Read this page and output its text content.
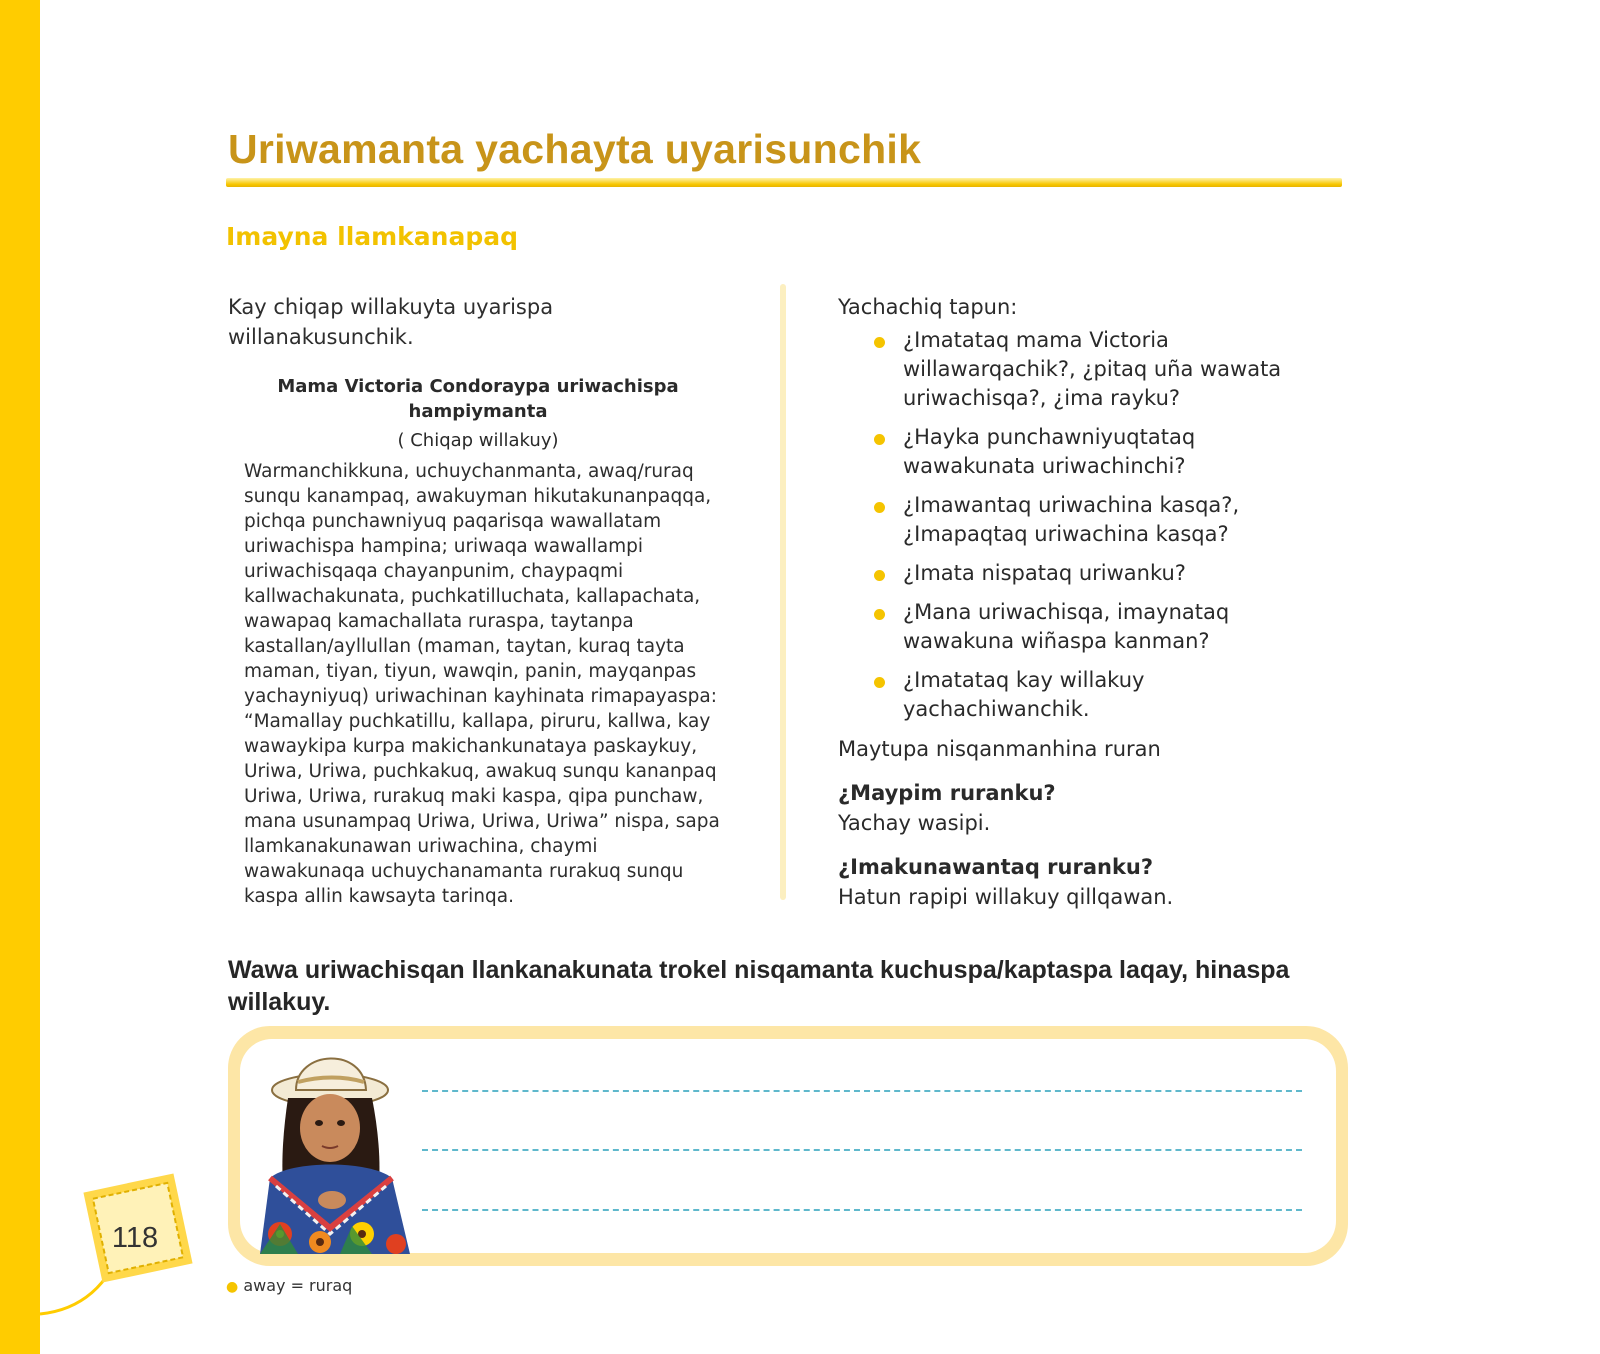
Uriwamanta yachayta uyarisunchik
Imayna llamkanapaq

Kay chiqap willakuyta uyarispa willanakusunchik.

Mama Victoria Condoraypa uriwachispa hampiymanta

( Chiqap willakuy)

Warmanchikkuna, uchuychanmanta, awaq/ruraq sunqu kanampaq, awakuyman hikutakunanpaqqa, pichqa punchawniyuq paqarisqa wawallatam uriwachispa hampina; uriwaqa wawallampi uriwachisqaqa chayanpunim, chaypaqmi kallwachakunata, puchkatilluchata, kallapachata, wawapaq kamachallata ruraspa, taytanpa kastallan/ayllullan (maman, taytan, kuraq tayta maman, tiyan, tiyun, wawqin, panin, mayqanpas yachayniyuq) uriwachinan kayhinata rimapayaspa: “Mamallay puchkatillu, kallapa, piruru, kallwa, kay wawaykipa kurpa makichankunataya paskaykuy, Uriwa, Uriwa, puchkakuq, awakuq sunqu kananpaq Uriwa, Uriwa, rurakuq maki kaspa, qipa punchaw, mana usunampaq Uriwa, Uriwa, Uriwa” nispa, sapa llamkanakunawan uriwachina, chaymi wawakunaqa uchuychanamanta rurakuq sunqu kaspa allin kawsayta tarinqa.

Yachachiq tapun:

¿Imatataq mama Victoria willawarqachik?, ¿pitaq uña wawata uriwachisqa?, ¿ima rayku?
¿Hayka punchawniyuqtataq wawakunata uriwachinchi?
¿Imawantaq uriwachina kasqa?, ¿Imapaqtaq uriwachina kasqa?
¿Imata nispataq uriwanku?
¿Mana uriwachisqa, imaynataq wawakuna wiñaspa kanman?
¿Imatataq kay willakuy yachachiwanchik.

Maytupa nisqanmanhina ruran

¿Maypim ruranku?

Yachay wasipi.

¿Imakunawantaq ruranku?

Hatun rapipi willakuy qillqawan.

Wawa uriwachisqan llankanakunata trokel nisqamanta kuchuspa/kaptaspa laqay, hinaspa willakuy.

118
● away = ruraq
